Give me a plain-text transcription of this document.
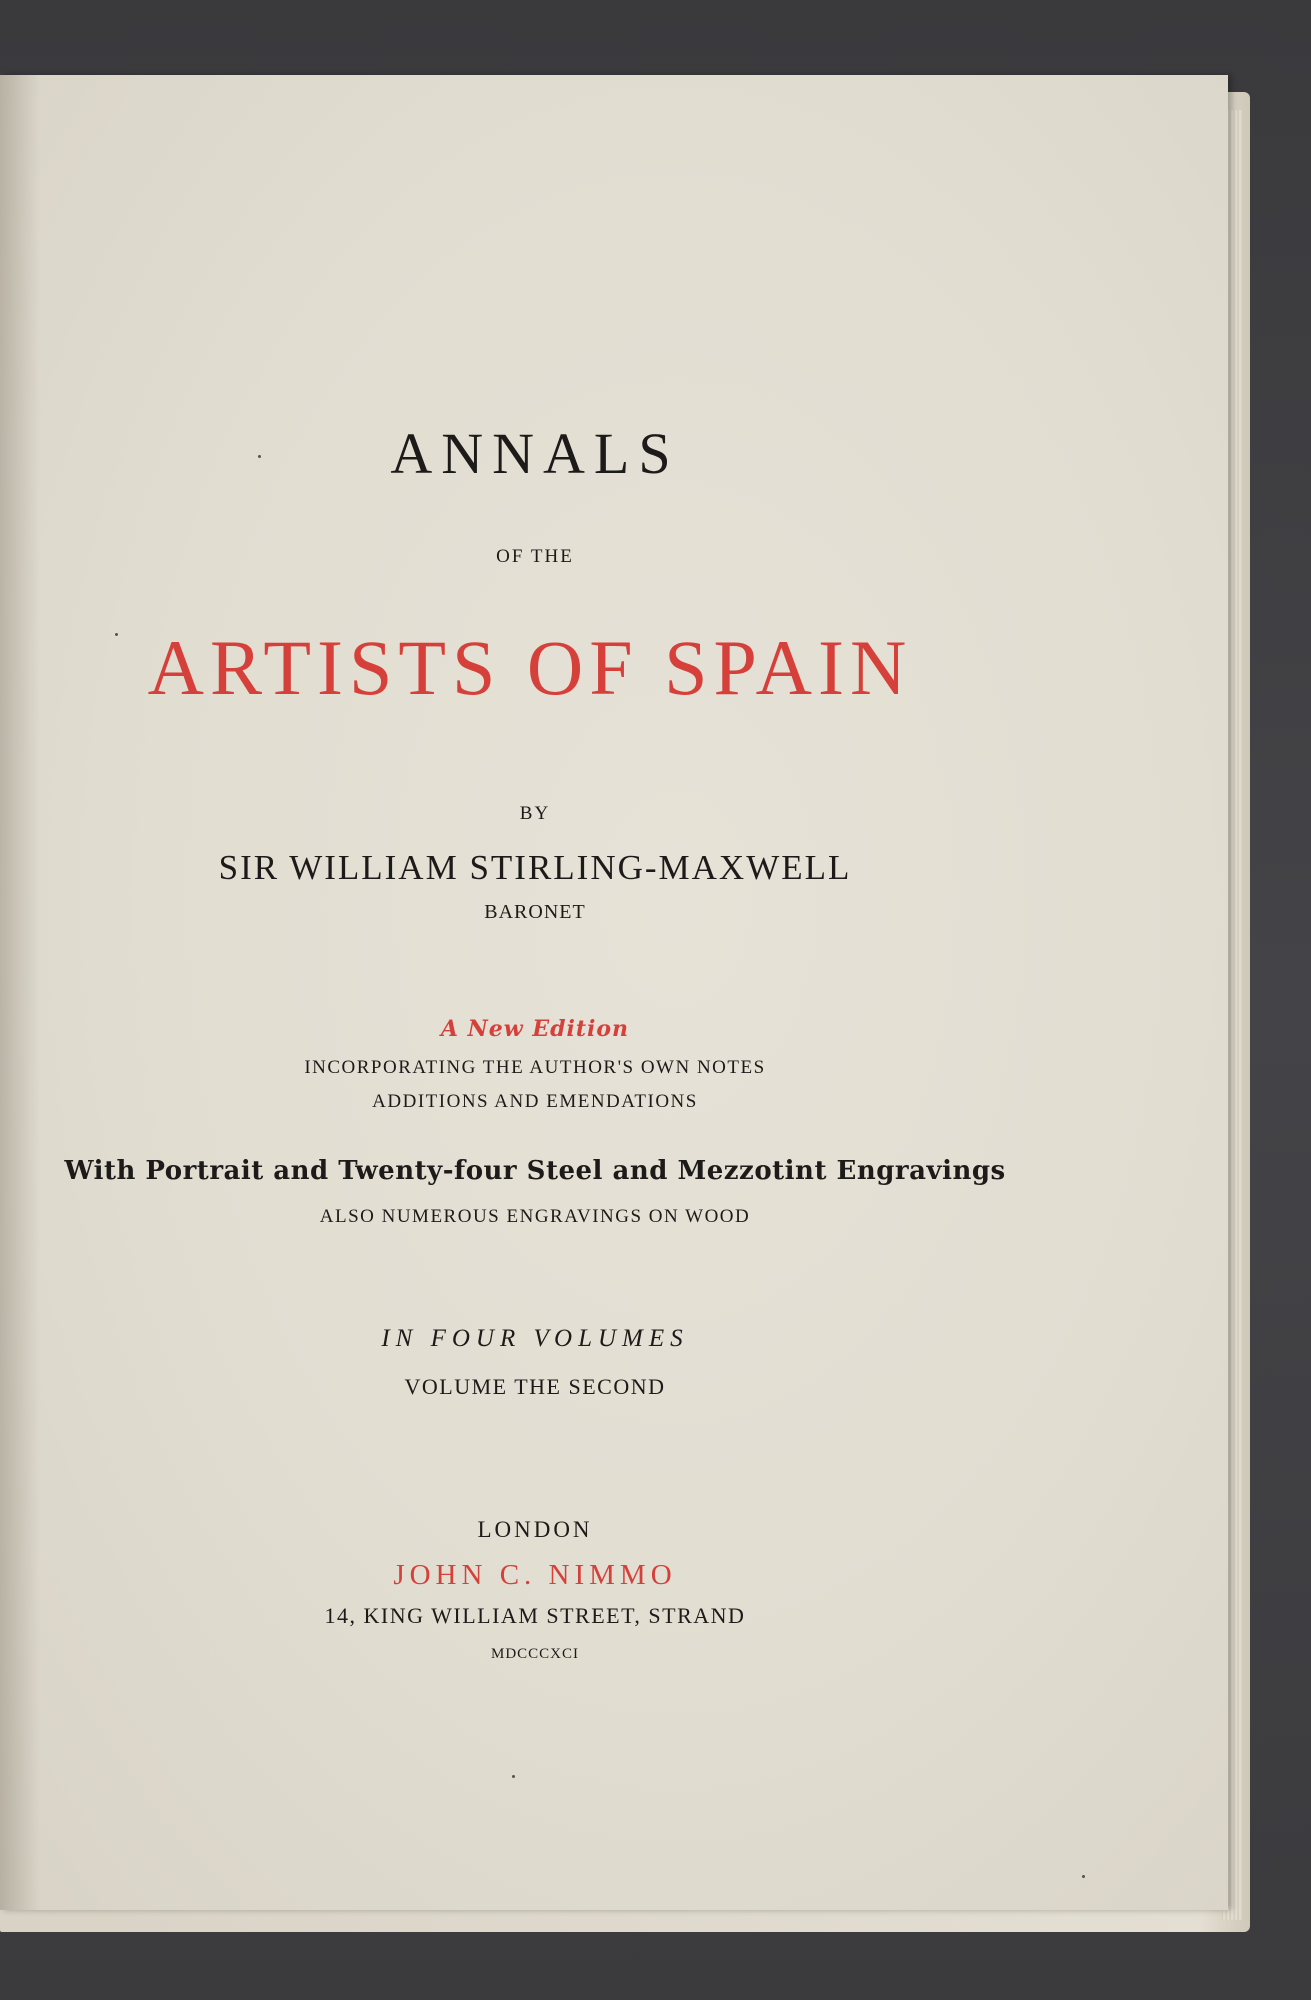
ANNALS
OF THE
ARTISTS OF SPAIN
BY
SIR WILLIAM STIRLING-MAXWELL
BARONET
A New Edition
INCORPORATING THE AUTHOR'S OWN NOTES
ADDITIONS AND EMENDATIONS
With Portrait and Twenty-four Steel and Mezzotint Engravings
ALSO NUMEROUS ENGRAVINGS ON WOOD
IN FOUR VOLUMES
VOLUME THE SECOND
LONDON
JOHN C. NIMMO
14, KING WILLIAM STREET, STRAND
MDCCCXCI
